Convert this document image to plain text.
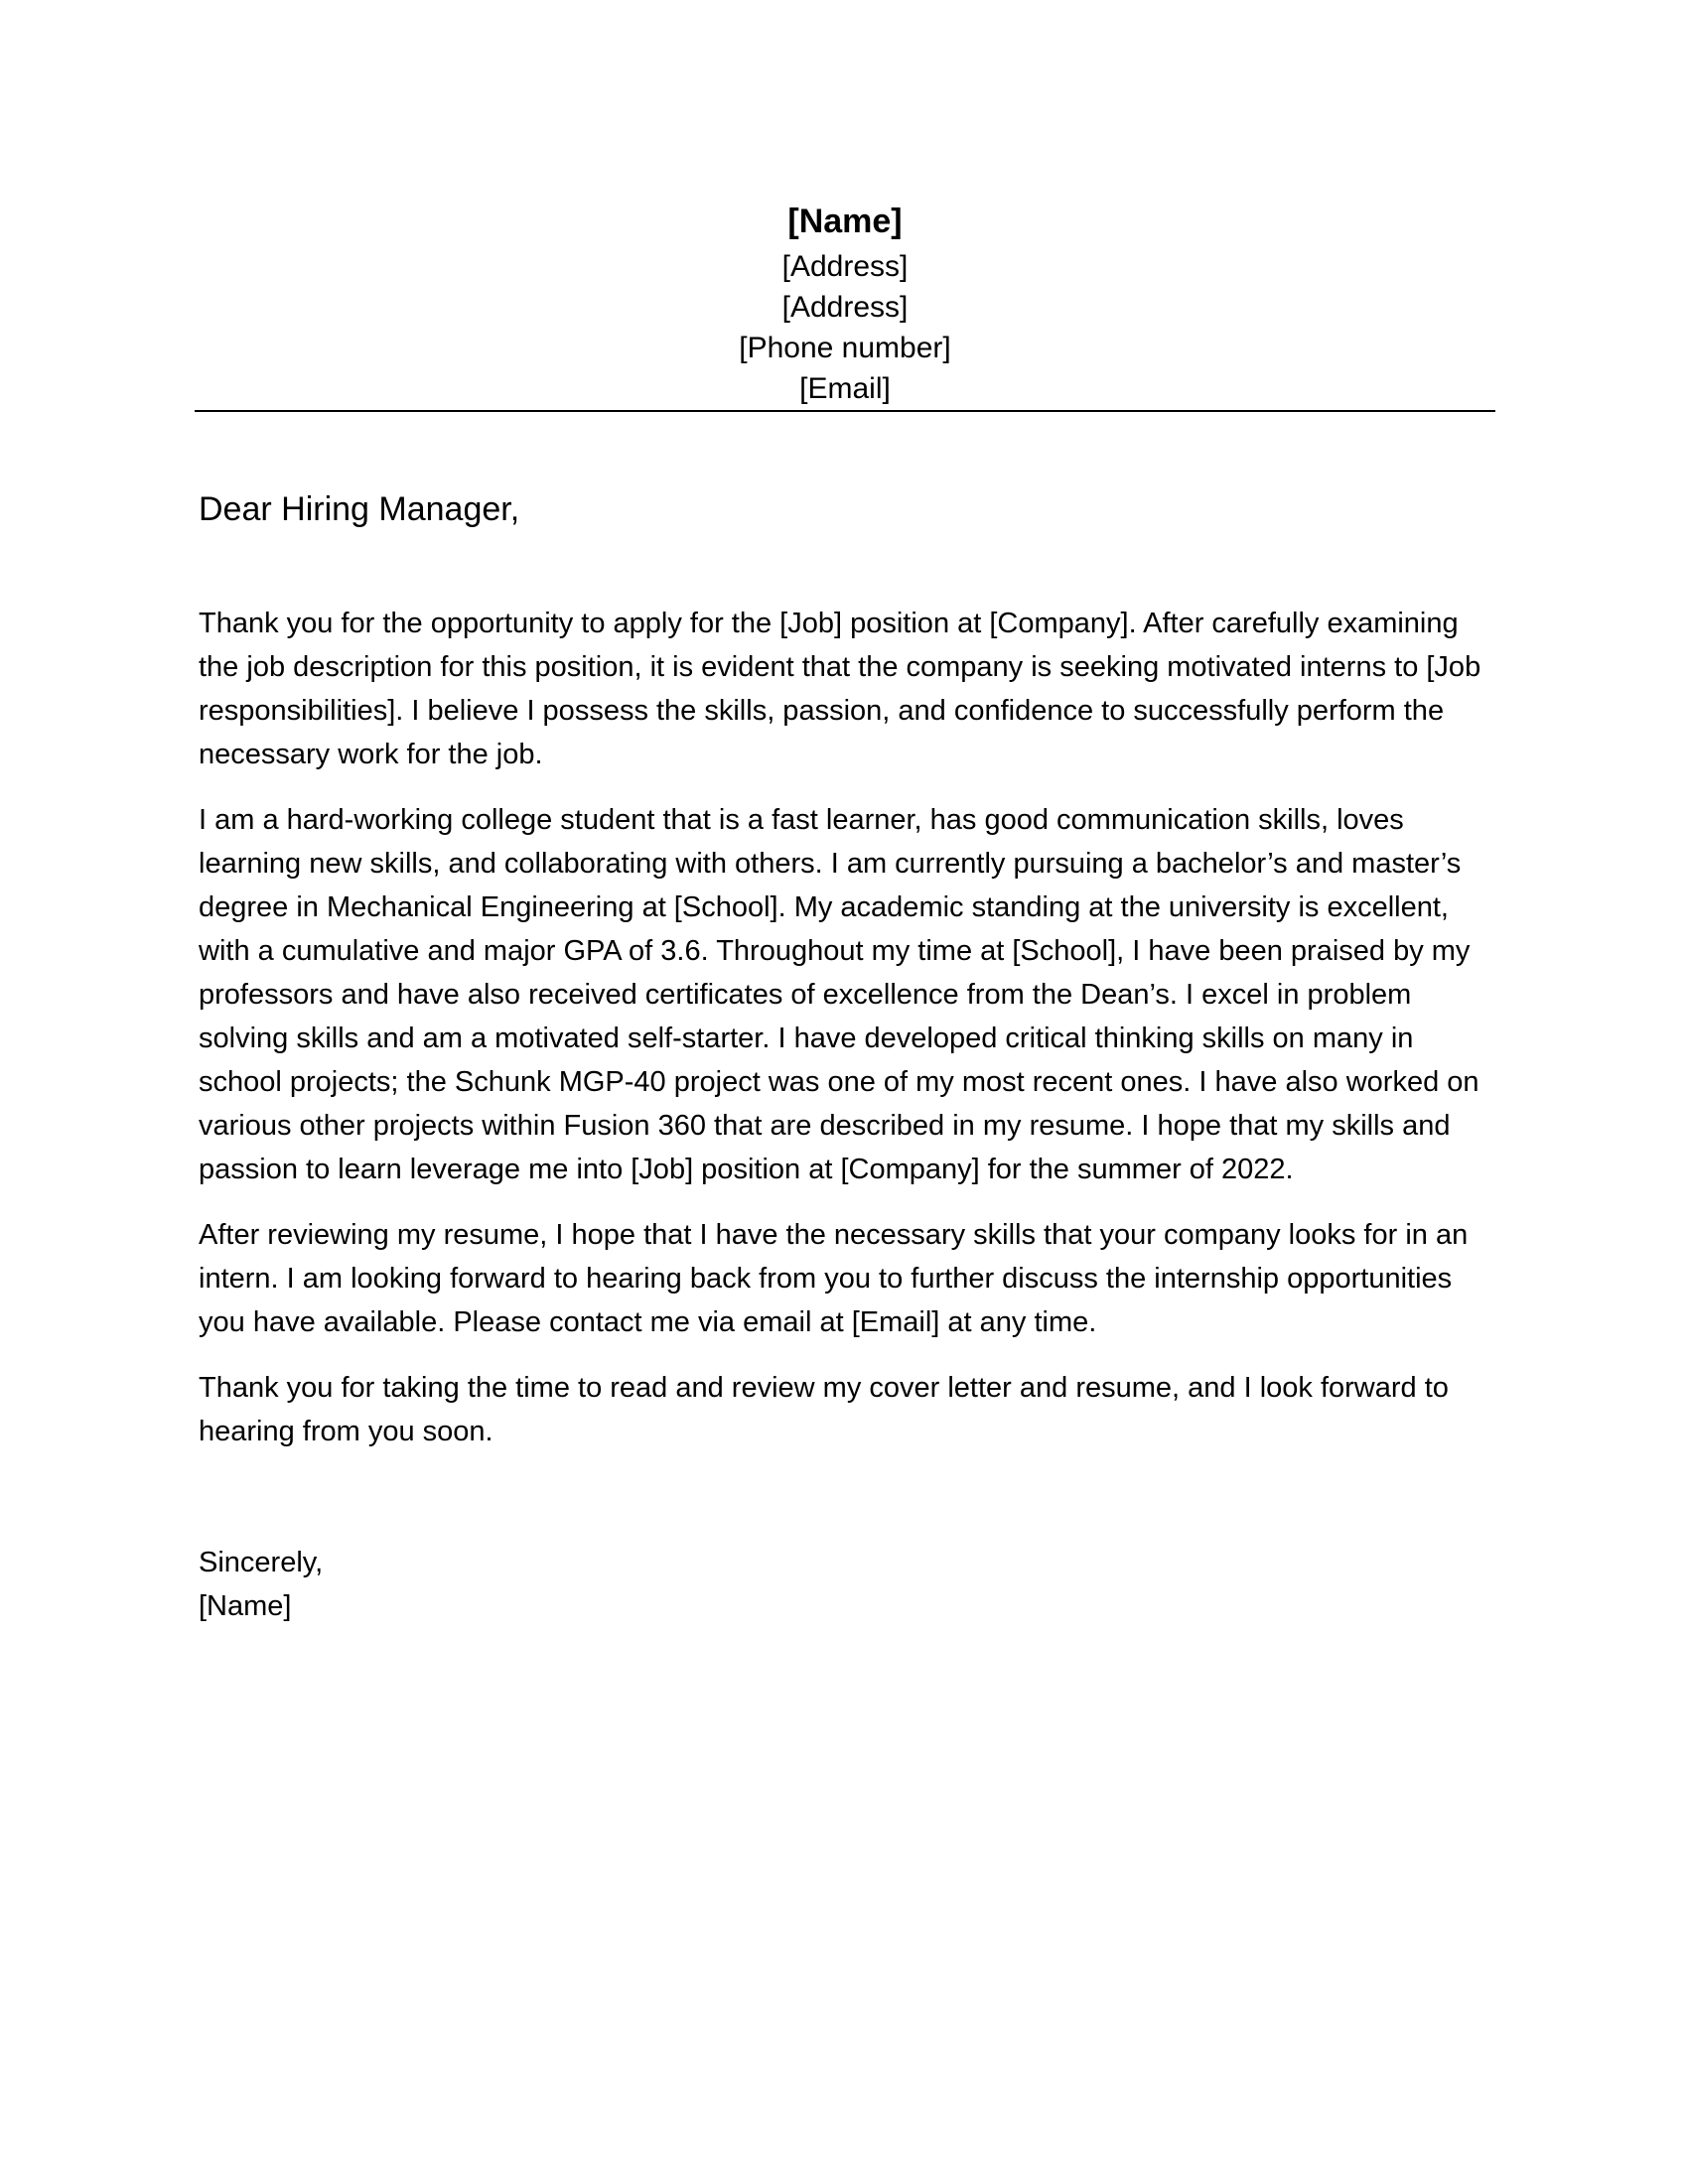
[Name]
[Address]
[Address]
[Phone number]
[Email]
Dear Hiring Manager,

Thank you for the opportunity to apply for the [Job] position at [Company]. After carefully examining the job description for this position, it is evident that the company is seeking motivated interns to [Job responsibilities]. I believe I possess the skills, passion, and confidence to successfully perform the necessary work for the job.

I am a hard-working college student that is a fast learner, has good communication skills, loves learning new skills, and collaborating with others. I am currently pursuing a bachelor’s and master’s degree in Mechanical Engineering at [School]. My academic standing at the university is excellent, with a cumulative and major GPA of 3.6. Throughout my time at [School], I have been praised by my professors and have also received certificates of excellence from the Dean’s. I excel in problem solving skills and am a motivated self-starter. I have developed critical thinking skills on many in school projects; the Schunk MGP-40 project was one of my most recent ones. I have also worked on various other projects within Fusion 360 that are described in my resume. I hope that my skills and passion to learn leverage me into [Job] position at [Company] for the summer of 2022.

After reviewing my resume, I hope that I have the necessary skills that your company looks for in an intern. I am looking forward to hearing back from you to further discuss the internship opportunities you have available. Please contact me via email at [Email] at any time.

Thank you for taking the time to read and review my cover letter and resume, and I look forward to hearing from you soon.

Sincerely,
[Name]
